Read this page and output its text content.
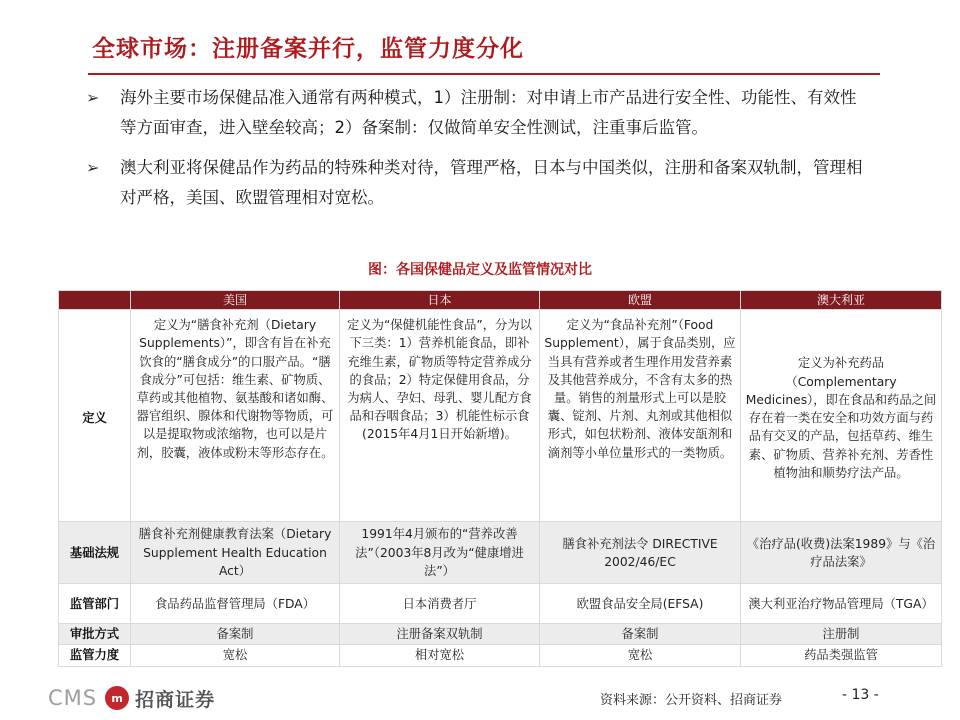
全球市场：注册备案并行，监管力度分化
➢	海外主要市场保健品准入通常有两种模式，1）注册制：对申请上市产品进行安全性、功能性、有效性等方面审查，进入壁垒较高；2）备案制：仅做简单安全性测试，注重事后监管。
➢	澳大利亚将保健品作为药品的特殊种类对待，管理严格，日本与中国类似，注册和备案双轨制，管理相对严格，美国、欧盟管理相对宽松。
图：各国保健品定义及监管情况对比
	美国	日本	欧盟	澳大利亚
定义	定义为“膳食补充剂（Dietary Supplements）”，即含有旨在补充饮食的“膳食成分”的口服产品。“膳食成分”可包括：维生素、矿物质、草药或其他植物、氨基酸和诸如酶、器官组织、腺体和代谢物等物质，可以是提取物或浓缩物，也可以是片剂，胶囊，液体或粉末等形态存在。	定义为“保健机能性食品”，分为以下三类：1）营养机能食品，即补充维生素，矿物质等特定营养成分的食品；2）特定保健用食品，分为病人、孕妇、母乳、婴儿配方食品和吞咽食品；3）机能性标示食(2015年4月1日开始新增)。	定义为“食品补充剂”（Food Supplement），属于食品类别，应当具有营养或者生理作用发营养素及其他营养成分，不含有太多的热量。销售的剂量形式上可以是胶囊、锭剂、片剂、丸剂或其他相似形式，如包状粉剂、液体安瓿剂和滴剂等小单位量形式的一类物质。	定义为补充药品（Complementary Medicines），即在食品和药品之间存在着一类在安全和功效方面与药品有交叉的产品，包括草药、维生素、矿物质、营养补充剂、芳香性植物油和顺势疗法产品。
基础法规	膳食补充剂健康教育法案（Dietary Supplement Health Education Act）	1991年4月颁布的“营养改善法”（2003年8月改为“健康增进法”）	膳食补充剂法令 DIRECTIVE 2002/46/EC	《治疗品(收费)法案1989》与《治疗品法案》
监管部门	食品药品监督管理局（FDA）	日本消费者厅	欧盟食品安全局(EFSA)	澳大利亚治疗物品管理局（TGA）
审批方式	备案制	注册备案双轨制	备案制	注册制
监管力度	宽松	相对宽松	宽松	药品类强监管
CMS	m 招商证券	资料来源：公开资料、招商证券	- 13 -
